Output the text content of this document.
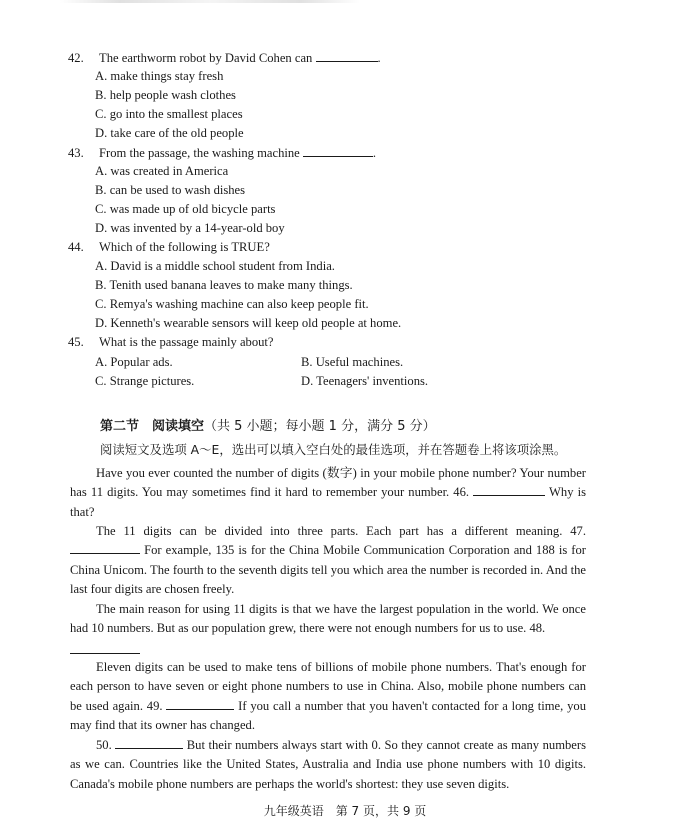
42. The earthworm robot by David Cohen can	.
A. make things stay fresh
B. help people wash clothes
C. go into the smallest places
D. take care of the old people
43. From the passage, the washing machine	.
A. was created in America
B. can be used to wash dishes
C. was made up of old bicycle parts
D. was invented by a 14-year-old boy
44. Which of the following is TRUE?
A. David is a middle school student from India.
B. Tenith used banana leaves to make many things.
C. Remya's washing machine can also keep people fit.
D. Kenneth's wearable sensors will keep old people at home.
45. What is the passage mainly about?
A. Popular ads.	B. Useful machines.
C. Strange pictures.	D. Teenagers' inventions.
第二节　阅读填空（共 5 小题；每小题 1 分，满分 5 分）
阅读短文及选项 A～E，选出可以填入空白处的最佳选项，并在答题卷上将该项涂黑。

Have you ever counted the number of digits (数字) in your mobile phone number? Your number has 11 digits. You may sometimes find it hard to remember your number. 46.	Why is that?

The 11 digits can be divided into three parts. Each part has a different meaning. 47.  For example, 135 is for the China Mobile Communication Corporation and 188 is for China Unicom. The fourth to the seventh digits tell you which area the number is recorded in. And the last four digits are chosen freely.

The main reason for using 11 digits is that we have the largest population in the world. We once had 10 numbers. But as our population grew, there were not enough numbers for us to use. 48.

Eleven digits can be used to make tens of billions of mobile phone numbers. That's enough for each person to have seven or eight phone numbers to use in China. Also, mobile phone numbers can be used again. 49.	If you call a number that you haven't contacted for a long time, you may find that its owner has changed.

50.	But their numbers always start with 0. So they cannot create as many numbers as we can. Countries like the United States, Australia and India use phone numbers with 10 digits. Canada's mobile phone numbers are perhaps the world's shortest: they use seven digits.

九年级英语　第 7 页，共 9 页
